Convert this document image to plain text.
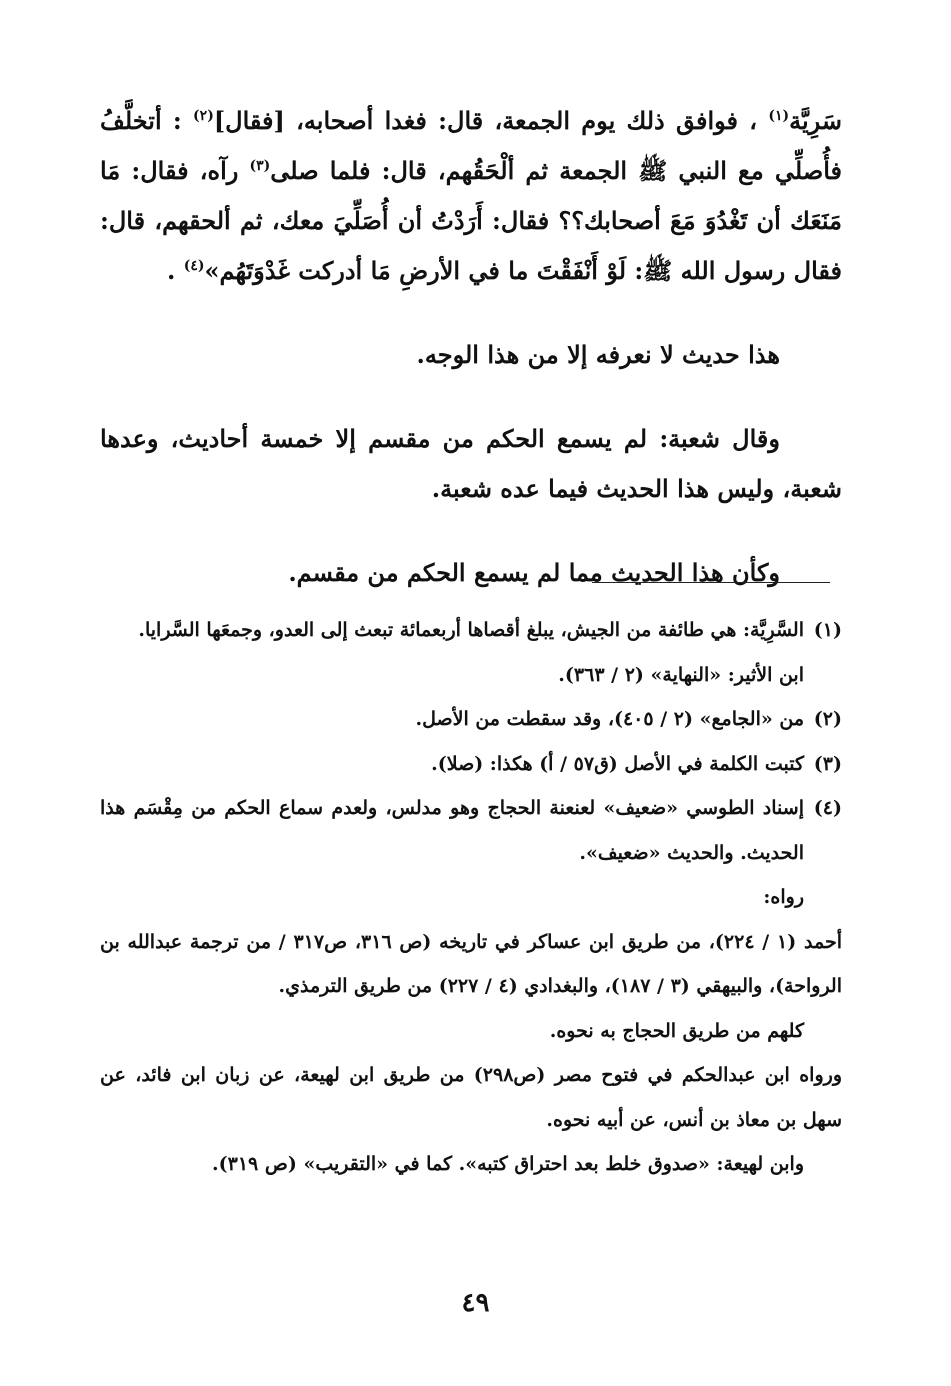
سَرِيَّة$^{(١)}$ ، فوافق ذلك يوم الجمعة، قال: فغدا أصحابه، [فقال]$^{(٢)}$ : أتخلَّفُ فأُصلِّي مع النبي ﷺ الجمعة ثم ألْحَقُهم، قال: فلما صلى$^{(٣)}$ رآه، فقال: مَا مَنَعَك أن تَغْدُوَ مَعَ أصحابك؟؟ فقال: أَرَدْتُ أن أُصَلِّيَ معك، ثم ألحقهم، قال: فقال رسول الله ﷺ: لَوْ أَنْفَقْتَ ما في الأرضِ مَا أدركت غَدْوَتَهُم»$^{(٤)}$ .

هذا حديث لا نعرفه إلا من هذا الوجه.

وقال شعبة: لم يسمع الحكم من مقسم إلا خمسة أحاديث، وعدها شعبة، وليس هذا الحديث فيما عده شعبة.

وكأن هذا الحديث مما لم يسمع الحكم من مقسم.

(١)السَّرِيَّة: هي طائفة من الجيش، يبلغ أقصاها أربعمائة تبعث إلى العدو، وجمعَها السَّرايا.

ابن الأثير: «النهاية» (٢ / ٣٦٣).

(٢)من «الجامع» (٢ / ٤٠٥)، وقد سقطت من الأصل.

(٣)كتبت الكلمة في الأصل (ق٥٧ / أ) هكذا: (صلا).

(٤)إسناد الطوسي «ضعيف» لعنعنة الحجاج وهو مدلس، ولعدم سماع الحكم من مِقْسَم هذا الحديث. والحديث «ضعيف».

رواه:

أحمد (١ / ٢٢٤)، من طريق ابن عساكر في تاريخه (ص ٣١٦، ص٣١٧ / من ترجمة عبدالله بن الرواحة)، والبيهقي (٣ / ١٨٧)، والبغدادي (٤ / ٢٢٧) من طريق الترمذي.

كلهم من طريق الحجاج به نحوه.

ورواه ابن عبدالحكم في فتوح مصر (ص٢٩٨) من طريق ابن لهيعة، عن زبان ابن فائد، عن سهل بن معاذ بن أنس، عن أبيه نحوه.

وابن لهيعة: «صدوق خلط بعد احتراق كتبه». كما في «التقريب» (ص ٣١٩).

٤٩
